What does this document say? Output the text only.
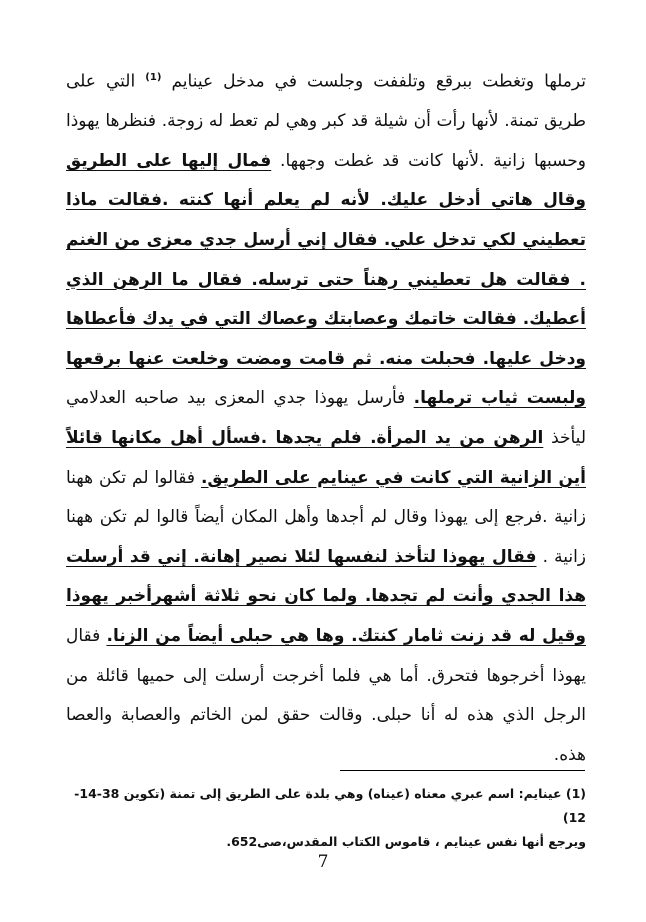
ترملها وتغطت ببرقع وتلففت وجلست في مدخل عينايم $^{(1)}$ التي على طريق تمنة. لأنها رأت أن شيلة قد كبر وهي لم تعط له زوجة. فنظرها يهوذا وحسبها زانية .لأنها كانت قد غطت وجهها. فمال إليها على الطريق وقال هاتي أدخل عليك. لأنه لم يعلم أنها كنته .فقالت ماذا تعطيني لكي تدخل علي. فقال إني أرسل جدي معزى من الغنم . فقالت هل تعطيني رهناً حتى ترسله. فقال ما الرهن الذي أعطيك. فقالت خاتمك وعصابتك وعصاك التي في يدك فأعطاها ودخل عليها. فحبلت منه. ثم قامت ومضت وخلعت عنها برقعها ولبست ثياب ترملها. فأرسل يهوذا جدي المعزى بيد صاحبه العدلامي ليأخذ الرهن من يد المرأة. فلم يجدها .فسأل أهل مكانها قائلاً أين الزانية التي كانت في عينايم على الطريق. فقالوا لم تكن ههنا زانية .فرجع إلى يهوذا وقال لم أجدها وأهل المكان أيضاً قالوا لم تكن ههنا زانية . فقال يهوذا لتأخذ لنفسها لئلا نصير إهانة. إني قد أرسلت هذا الجدي وأنت لم تجدها. ولما كان نحو ثلاثة أشهرأخبر يهوذا وقيل له قد زنت ثامار كنتك. وها هي حبلى أيضاً من الزنا. فقال يهوذا أخرجوها فتحرق. أما هي فلما أخرجت أرسلت إلى حميها قائلة من الرجل الذي هذه له أنا حبلى. وقالت حقق لمن الخاتم والعصابة والعصا هذه.
(1) عينايم: اسم عبري معناه (عيناه) وهي بلدة على الطريق إلى تمنة (تكوين 38-14-12)
ويرجع أنها نفس عينايم ، قاموس الكتاب المقدس،صى652.
7
